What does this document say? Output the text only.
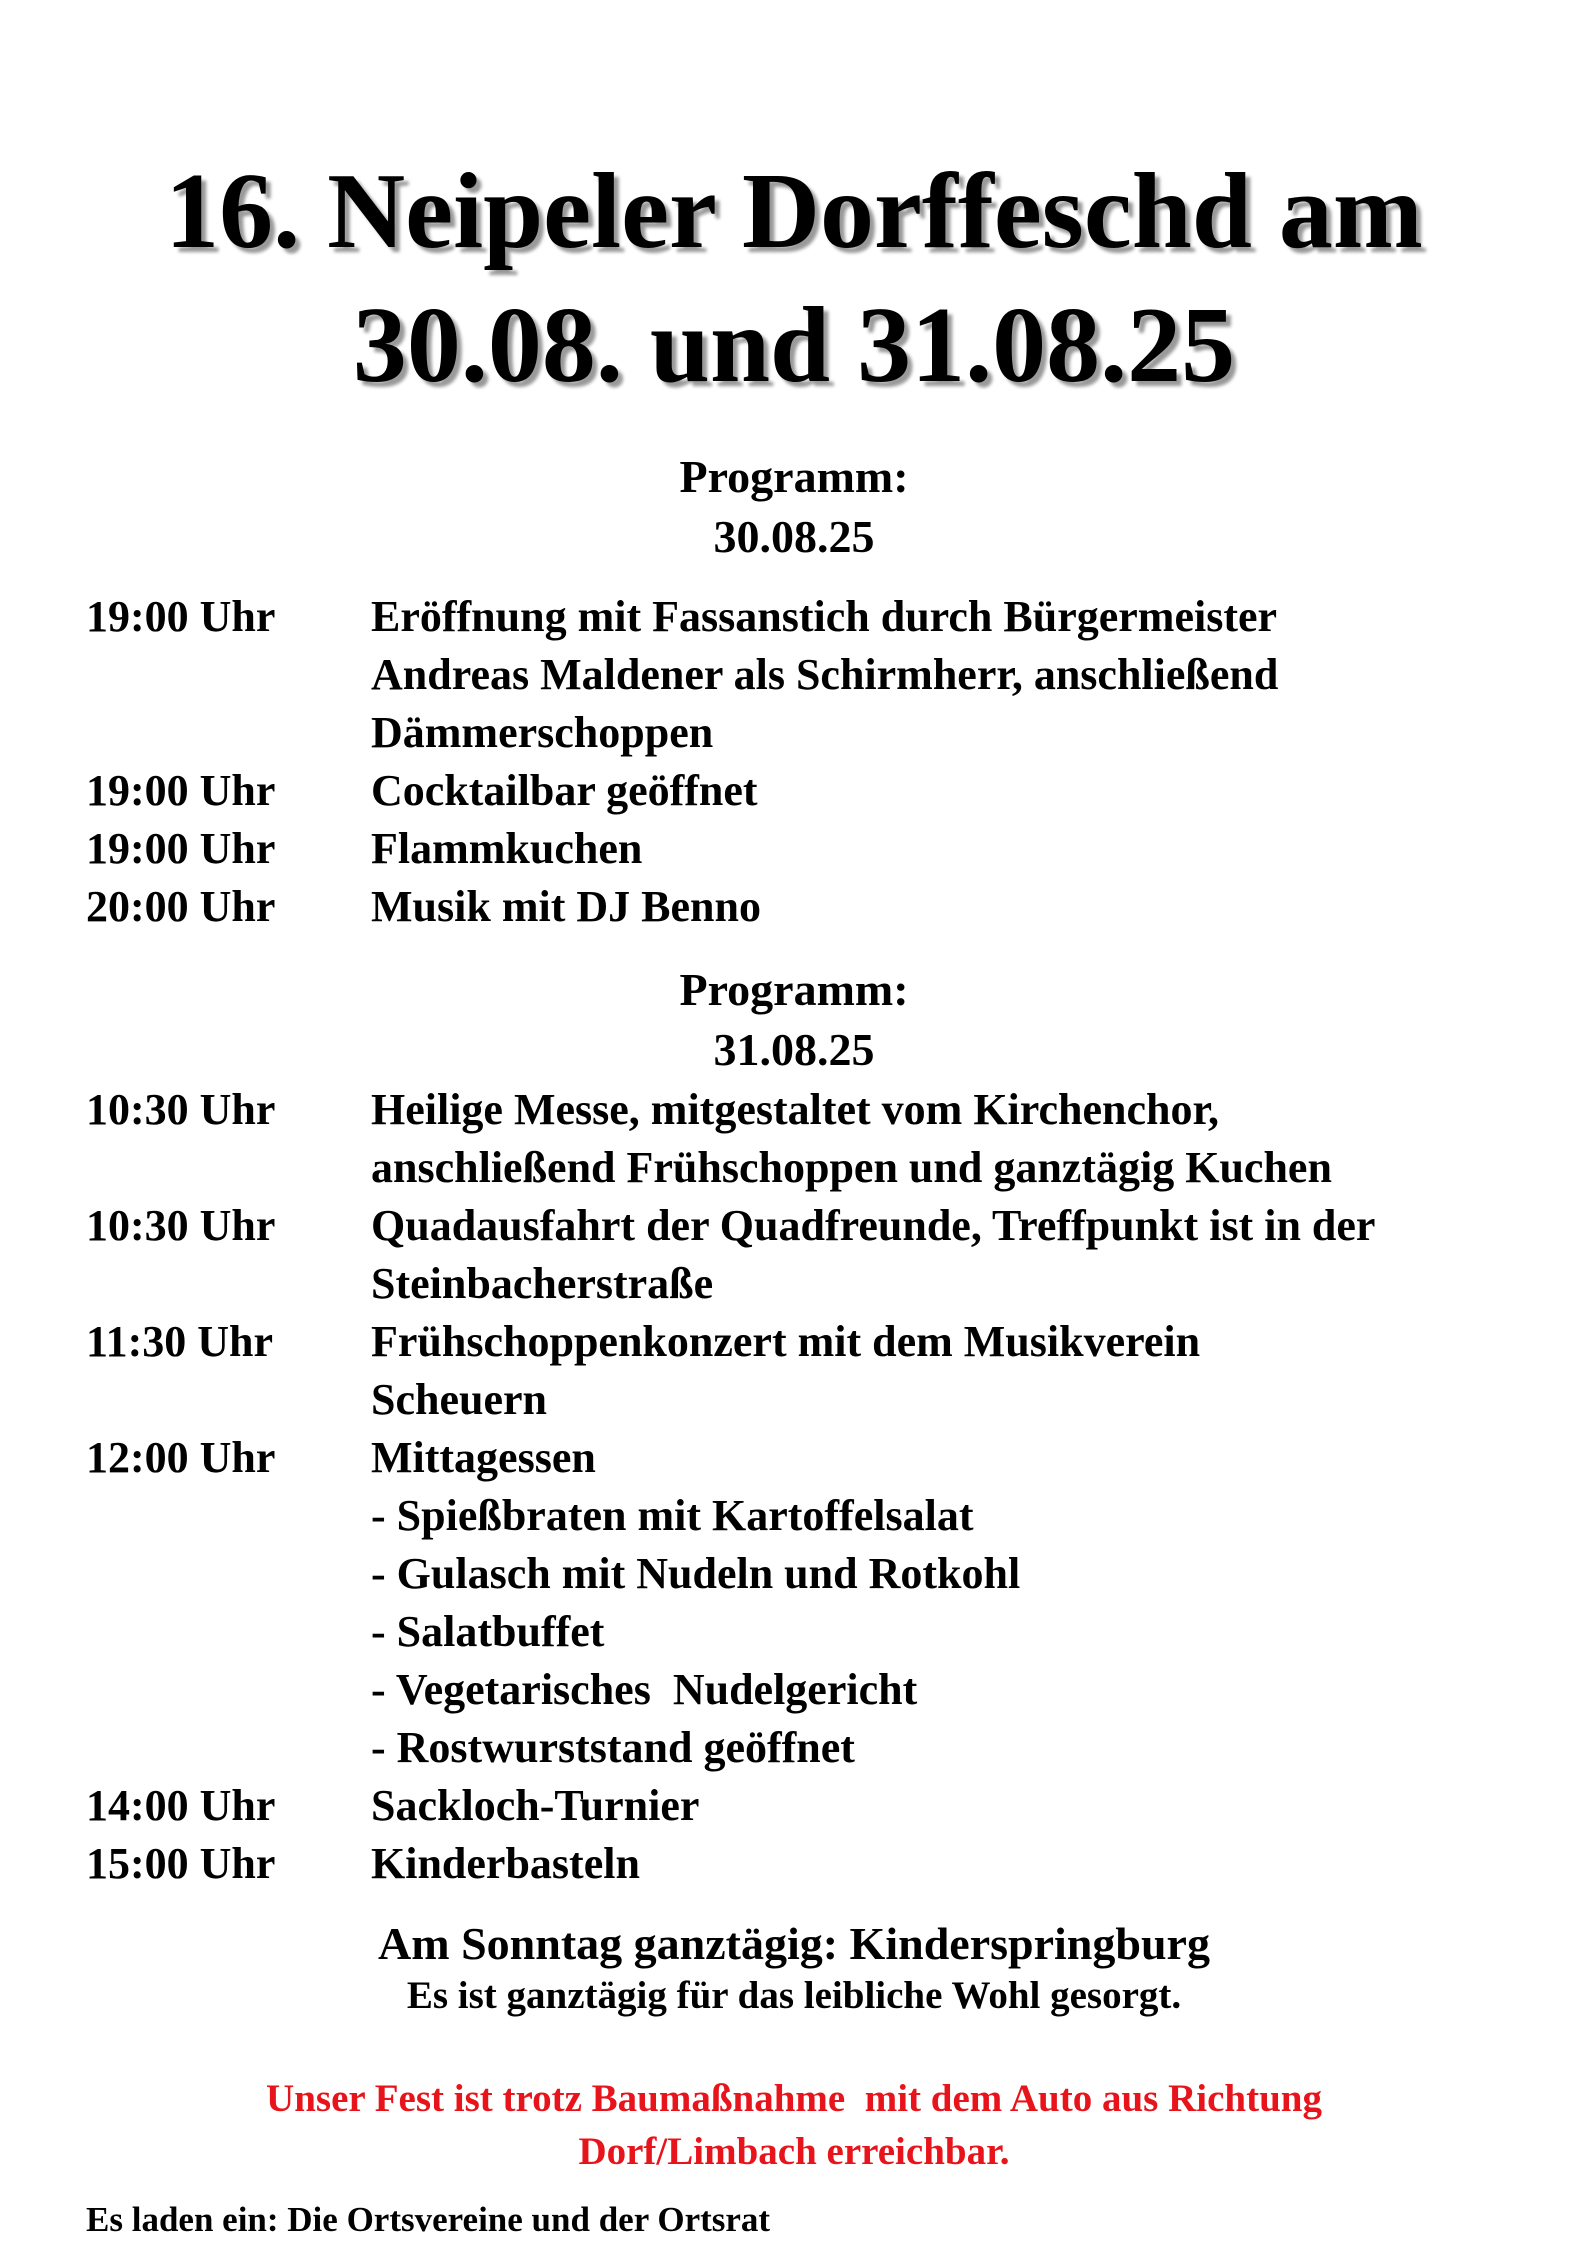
16. Neipeler Dorffeschd am
30.08. und 31.08.25
Programm:
30.08.25
19:00 Uhr	Eröffnung mit Fassanstich durch Bürgermeister
Andreas Maldener als Schirmherr, anschließend
Dämmerschoppen
19:00 Uhr	Cocktailbar geöffnet
19:00 Uhr	Flammkuchen
20:00 Uhr	Musik mit DJ Benno
Programm:
31.08.25
10:30 Uhr	Heilige Messe, mitgestaltet vom Kirchenchor,
anschließend Frühschoppen und ganztägig Kuchen
10:30 Uhr	Quadausfahrt der Quadfreunde, Treffpunkt ist in der
Steinbacherstraße
11:30 Uhr	Frühschoppenkonzert mit dem Musikverein
Scheuern
12:00 Uhr	Mittagessen
- Spießbraten mit Kartoffelsalat
- Gulasch mit Nudeln und Rotkohl
- Salatbuffet
- Vegetarisches  Nudelgericht
- Rostwurststand geöffnet
14:00 Uhr	Sackloch-Turnier
15:00 Uhr	Kinderbasteln
Am Sonntag ganztägig: Kinderspringburg
Es ist ganztägig für das leibliche Wohl gesorgt.
Unser Fest ist trotz Baumaßnahme  mit dem Auto aus Richtung
Dorf/Limbach erreichbar.
Es laden ein: Die Ortsvereine und der Ortsrat
